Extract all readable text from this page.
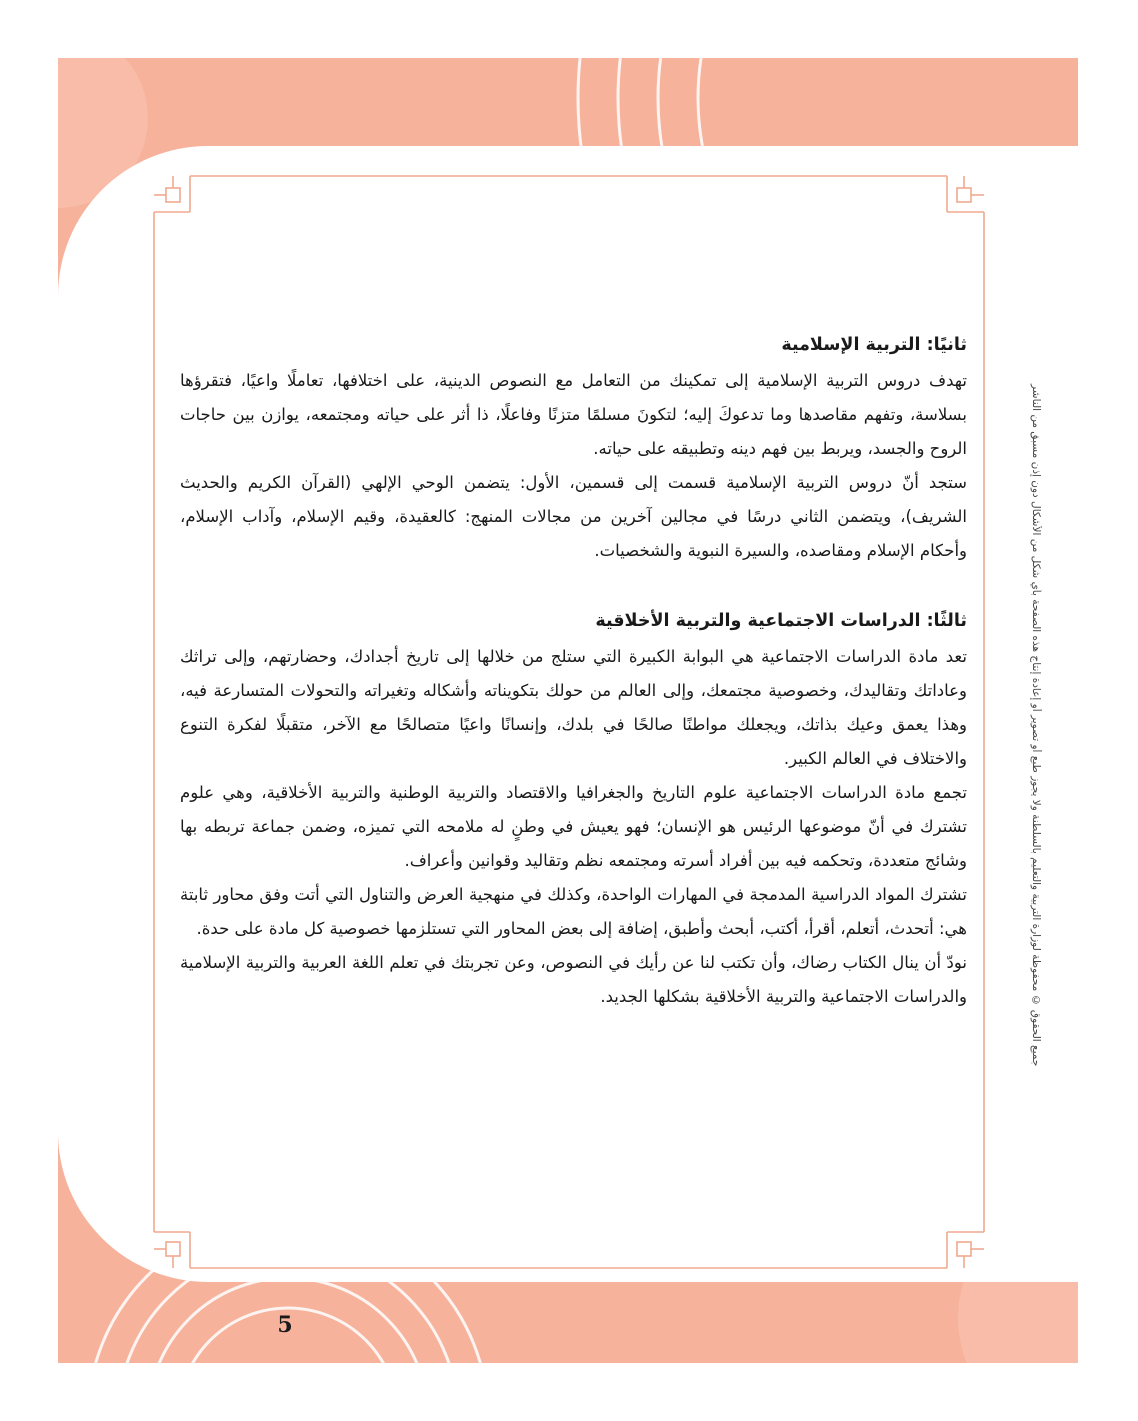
ثانيًا: التربية الإسلامية

تهدف دروس التربية الإسلامية إلى تمكينك من التعامل مع النصوص الدينية، على اختلافها، تعاملًا واعيًا، فتقرؤها بسلاسة، وتفهم مقاصدها وما تدعوكَ إليه؛ لتكونَ مسلمًا متزنًا وفاعلًا، ذا أثر على حياته ومجتمعه، يوازن بين حاجات الروح والجسد، ويربط بين فهم دينه وتطبيقه على حياته.

ستجد أنّ دروس التربية الإسلامية قسمت إلى قسمين، الأول: يتضمن الوحي الإلهي (القرآن الكريم والحديث الشريف)، ويتضمن الثاني درسًا في مجالين آخرين من مجالات المنهج: كالعقيدة، وقيم الإسلام، وآداب الإسلام، وأحكام الإسلام ومقاصده، والسيرة النبوية والشخصيات.

ثالثًا: الدراسات الاجتماعية والتربية الأخلاقية

تعد مادة الدراسات الاجتماعية هي البوابة الكبيرة التي ستلج من خلالها إلى تاريخ أجدادك، وحضارتهم، وإلى تراثك وعاداتك وتقاليدك، وخصوصية مجتمعك، وإلى العالم من حولك بتكويناته وأشكاله وتغيراته والتحولات المتسارعة فيه، وهذا يعمق وعيك بذاتك، ويجعلك مواطنًا صالحًا في بلدك، وإنسانًا واعيًا متصالحًا مع الآخر، متقبلًا لفكرة التنوع والاختلاف في العالم الكبير.

تجمع مادة الدراسات الاجتماعية علوم التاريخ والجغرافيا والاقتصاد والتربية الوطنية والتربية الأخلاقية، وهي علوم تشترك في أنّ موضوعها الرئيس هو الإنسان؛ فهو يعيش في وطنٍ له ملامحه التي تميزه، وضمن جماعة تربطه بها وشائج متعددة، وتحكمه فيه بين أفراد أسرته ومجتمعه نظم وتقاليد وقوانين وأعراف.

تشترك المواد الدراسية المدمجة في المهارات الواحدة، وكذلك في منهجية العرض والتناول التي أتت وفق محاور ثابتة هي: أتحدث، أتعلم، أقرأ، أكتب، أبحث وأطبق، إضافة إلى بعض المحاور التي تستلزمها خصوصية كل مادة على حدة.

نودّ أن ينال الكتاب رضاك، وأن تكتب لنا عن رأيك في النصوص، وعن تجربتك في تعلم اللغة العربية والتربية الإسلامية والدراسات الاجتماعية والتربية الأخلاقية بشكلها الجديد.	جميع الحقوق © محفوظة لوزارة التربية والتعليم بالسلطنة ولا يجوز طبع أو تصوير أو إعادة إنتاج هذه الصفحة بأي شكل من الأشكال دون إذن مسبق من الناشر
5
